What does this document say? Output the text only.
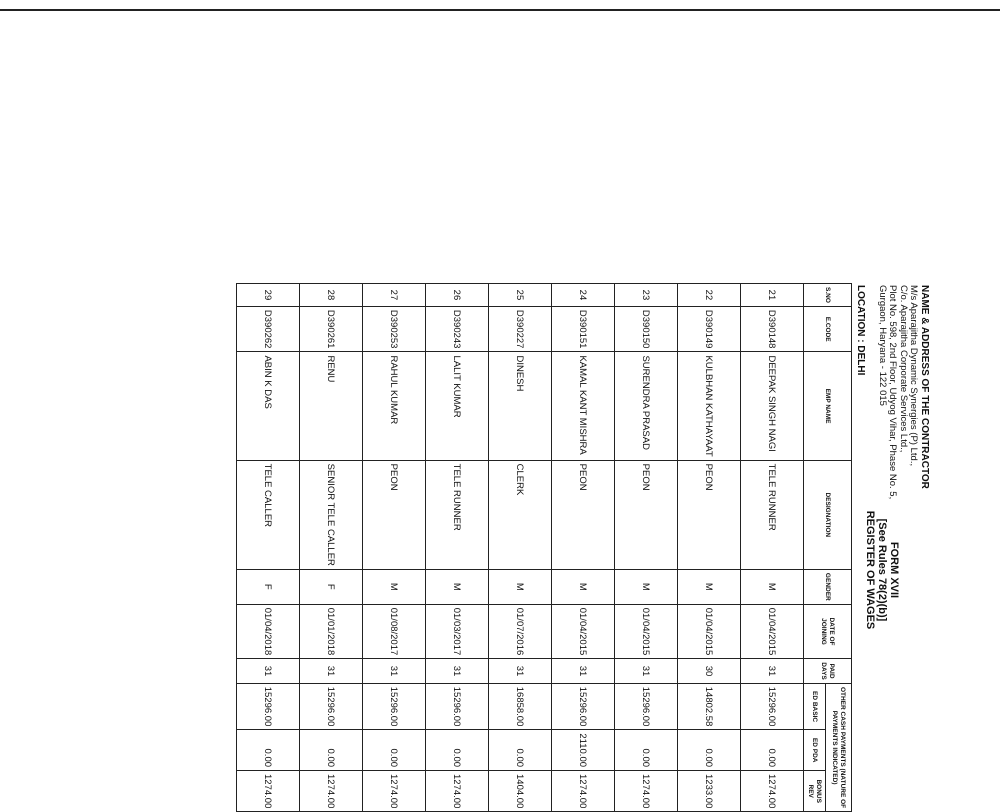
FORM XVII
[See Rules 78(2)(b)]
REGISTER OF WAGES
NAME & ADDRESS OF THE CONTRACTOR
M/s Aparajitha Dynamic Synergies (P) Ltd.,
C/o. Aparajitha Corporate Services Ltd.,
Plot No. 598, 2nd Floor, Udyog Vihar, Phase No. 5,
Gurgaon, Haryana - 122 015
LOCATION : DELHI
S.NO	E.CODE	EMP NAME	DESIGNATION	GENDER	DATE OF JOINING	PAID DAYS	OTHER CASH PAYMENTS (NATURE OF PAYMENTS INDICATED)		
							ED BASIC	ED PDA	BONUS REV
21	D390148	DEEPAK SINGH NAGI	TELE RUNNER	M	01/04/2015	31	15296.00	0.00	1274.00
22	D390149	KULBHAN KATHAYAAT	PEON	M	01/04/2015	30	14802.58	0.00	1233.00
23	D390150	SURENDRA PRASAD	PEON	M	01/04/2015	31	15296.00	0.00	1274.00
24	D390151	KAMAL KANT MISHRA	PEON	M	01/04/2015	31	15296.00	2110.00	1274.00
25	D390227	DINESH	CLERK	M	01/07/2016	31	16858.00	0.00	1404.00
26	D390243	LALIT KUMAR	TELE RUNNER	M	01/03/2017	31	15296.00	0.00	1274.00
27	D390253	RAHUL KUMAR	PEON	M	01/08/2017	31	15296.00	0.00	1274.00
28	D390261	RENU	SENIOR TELE CALLER	F	01/01/2018	31	15296.00	0.00	1274.00
29	D390262	ABIN K DAS	TELE CALLER	F	01/04/2018	31	15296.00	0.00	1274.00
